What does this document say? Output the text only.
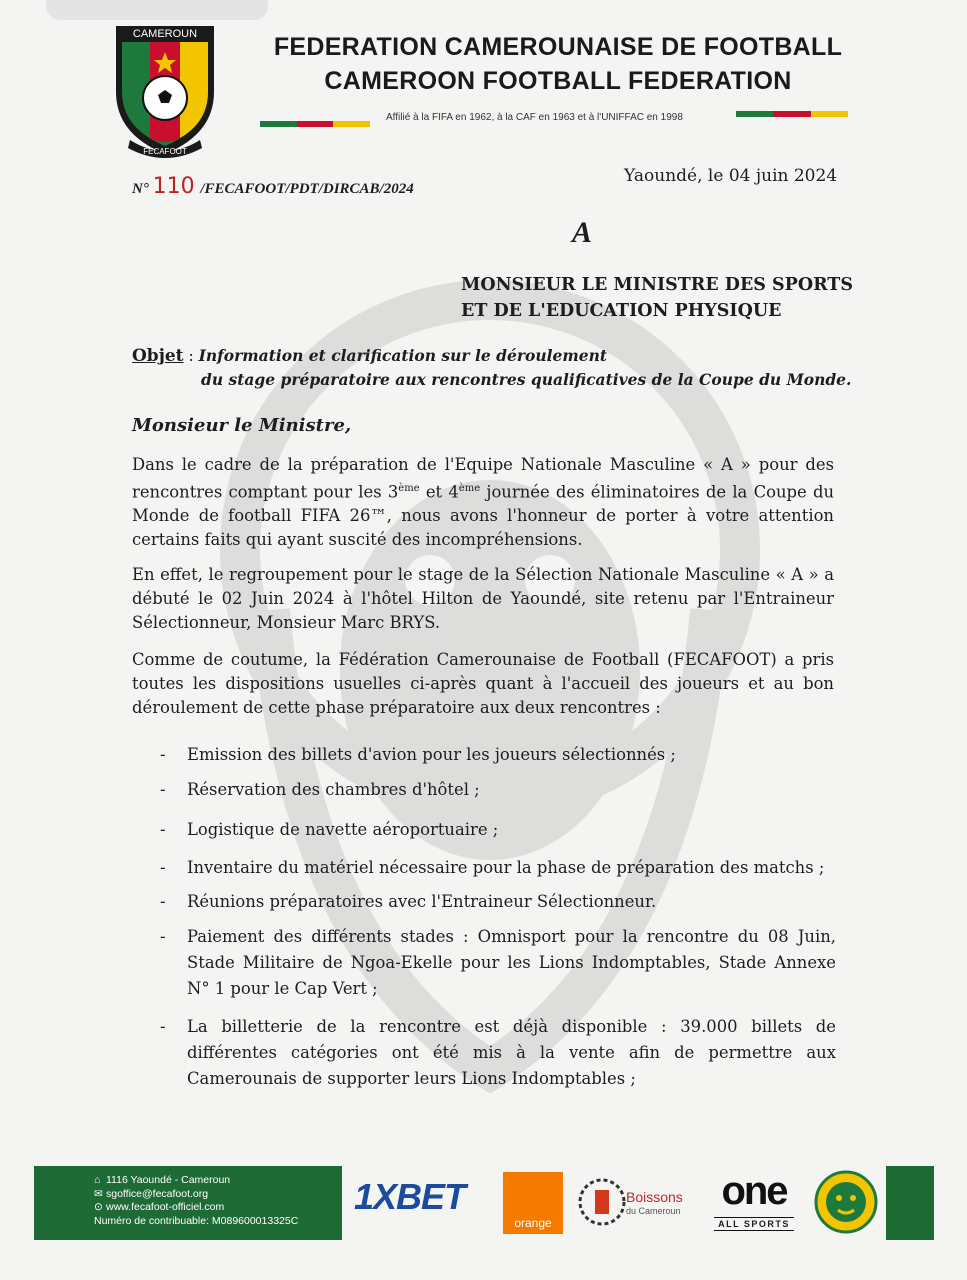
CAMEROUN
FECAFOOT
FEDERATION CAMEROUNAISE DE FOOTBALL
CAMEROON FOOTBALL FEDERATION
Affilié à la FIFA en 1962, à la CAF en 1963 et à l'UNIFFAC en 1998
N° 110 /FECAFOOT/PDT/DIRCAB/2024
Yaoundé, le 04 juin 2024
A
MONSIEUR LE MINISTRE DES SPORTS
ET DE L'EDUCATION PHYSIQUE
Objet : Information et clarification sur le déroulement
du stage préparatoire aux rencontres qualificatives de la Coupe du Monde.
Monsieur le Ministre,
Dans le cadre de la préparation de l'Equipe Nationale Masculine « A » pour des rencontres comptant pour les 3ème et 4ème journée des éliminatoires de la Coupe du Monde de football FIFA 26™, nous avons l'honneur de porter à votre attention certains faits qui ayant suscité des incompréhensions.
En effet, le regroupement pour le stage de la Sélection Nationale Masculine « A » a débuté le 02 Juin 2024 à l'hôtel Hilton de Yaoundé, site retenu par l'Entraineur Sélectionneur, Monsieur Marc BRYS.
Comme de coutume, la Fédération Camerounaise de Football (FECAFOOT) a pris toutes les dispositions usuelles ci-après quant à l'accueil des joueurs et au bon déroulement de cette phase préparatoire aux deux rencontres :
- Emission des billets d'avion pour les joueurs sélectionnés ;
- Réservation des chambres d'hôtel ;
- Logistique de navette aéroportuaire ;
- Inventaire du matériel nécessaire pour la phase de préparation des matchs ;
- Réunions préparatoires avec l'Entraineur Sélectionneur.
- Paiement des différents stades : Omnisport pour la rencontre du 08 Juin, Stade Militaire de Ngoa-Ekelle pour les Lions Indomptables, Stade Annexe N° 1 pour le Cap Vert ;
- La billetterie de la rencontre est déjà disponible : 39.000 billets de différentes catégories ont été mis à la vente afin de permettre aux Camerounais de supporter leurs Lions Indomptables ;
⌂ 1116 Yaoundé - Cameroun
✉ sgoffice@fecafoot.org
⊙ www.fecafoot-officiel.com
Numéro de contribuable: M089600013325C
1XBET
orange
Boissons
du Cameroun	one
ALL SPORTS
